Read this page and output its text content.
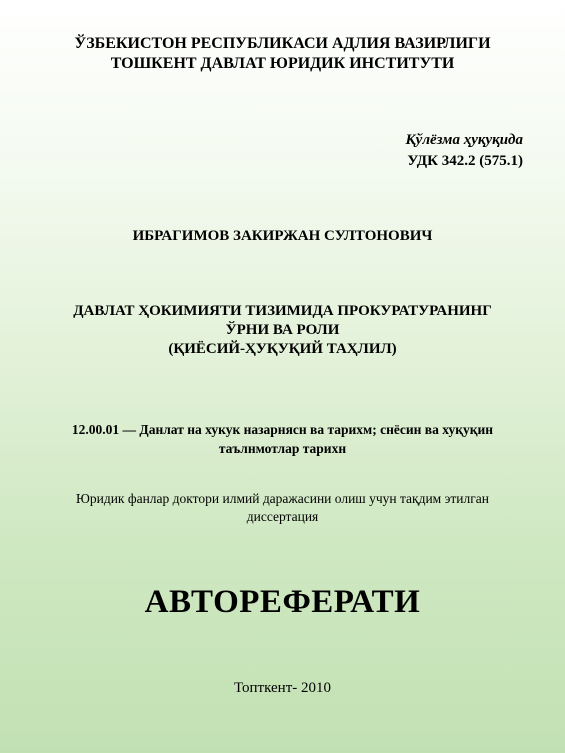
ЎЗБЕКИСТОН РЕСПУБЛИКАСИ АДЛИЯ ВАЗИРЛИГИ
ТОШКЕНТ ДАВЛАТ ЮРИДИК ИНСТИТУТИ
Қўлёзма ҳуқуқида
УДК 342.2 (575.1)
ИБРАГИМОВ ЗАКИРЖАН СУЛТОНОВИЧ
ДАВЛАТ ҲОКИМИЯТИ ТИЗИМИДА ПРОКУРАТУРАНИНГ
ЎРНИ ВА РОЛИ
(ҚИЁСИЙ-ҲУҚУҚИЙ ТАҲЛИЛ)
12.00.01 — Данлат на хукук назарнясн ва тарихм; снёсин ва хуқуқин
таълнмотлар тарихн
Юридик фанлар доктори илмий даражасини олиш учун тақдим этилган
диссертация
АВТОРЕФЕРАТИ
Топткент- 2010
